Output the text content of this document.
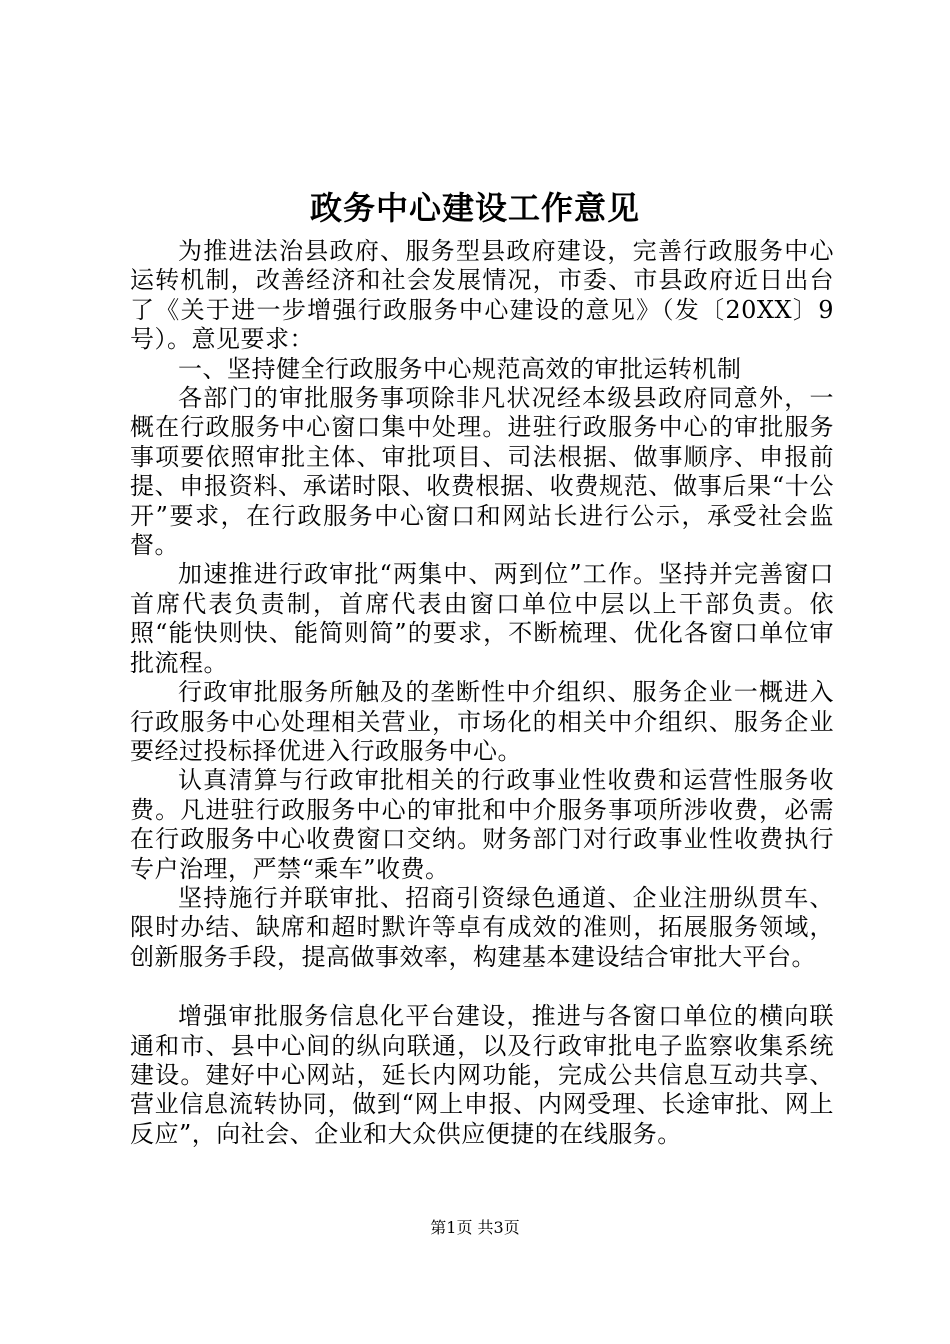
政务中心建设工作意见

为推进法治县政府、服务型县政府建设，完善行政服务中心运转机制，改善经济和社会发展情况，市委、市县政府近日出台了《关于进一步增强行政服务中心建设的意见》（发〔20XX〕9号）。意见要求：

一、坚持健全行政服务中心规范高效的审批运转机制

各部门的审批服务事项除非凡状况经本级县政府同意外，一概在行政服务中心窗口集中处理。进驻行政服务中心的审批服务事项要依照审批主体、审批项目、司法根据、做事顺序、申报前提、申报资料、承诺时限、收费根据、收费规范、做事后果“十公开”要求，在行政服务中心窗口和网站长进行公示，承受社会监督。

加速推进行政审批“两集中、两到位”工作。坚持并完善窗口首席代表负责制，首席代表由窗口单位中层以上干部负责。依照“能快则快、能简则简”的要求，不断梳理、优化各窗口单位审批流程。

行政审批服务所触及的垄断性中介组织、服务企业一概进入行政服务中心处理相关营业，市场化的相关中介组织、服务企业要经过投标择优进入行政服务中心。

认真清算与行政审批相关的行政事业性收费和运营性服务收费。凡进驻行政服务中心的审批和中介服务事项所涉收费，必需在行政服务中心收费窗口交纳。财务部门对行政事业性收费执行专户治理，严禁“乘车”收费。

坚持施行并联审批、招商引资绿色通道、企业注册纵贯车、限时办结、缺席和超时默许等卓有成效的准则，拓展服务领域，创新服务手段，提高做事效率，构建基本建设结合审批大平台。

增强审批服务信息化平台建设，推进与各窗口单位的横向联通和市、县中心间的纵向联通，以及行政审批电子监察收集系统建设。建好中心网站，延长内网功能，完成公共信息互动共享、营业信息流转协同，做到“网上申报、内网受理、长途审批、网上反应”，向社会、企业和大众供应便捷的在线服务。

第1页 共3页
